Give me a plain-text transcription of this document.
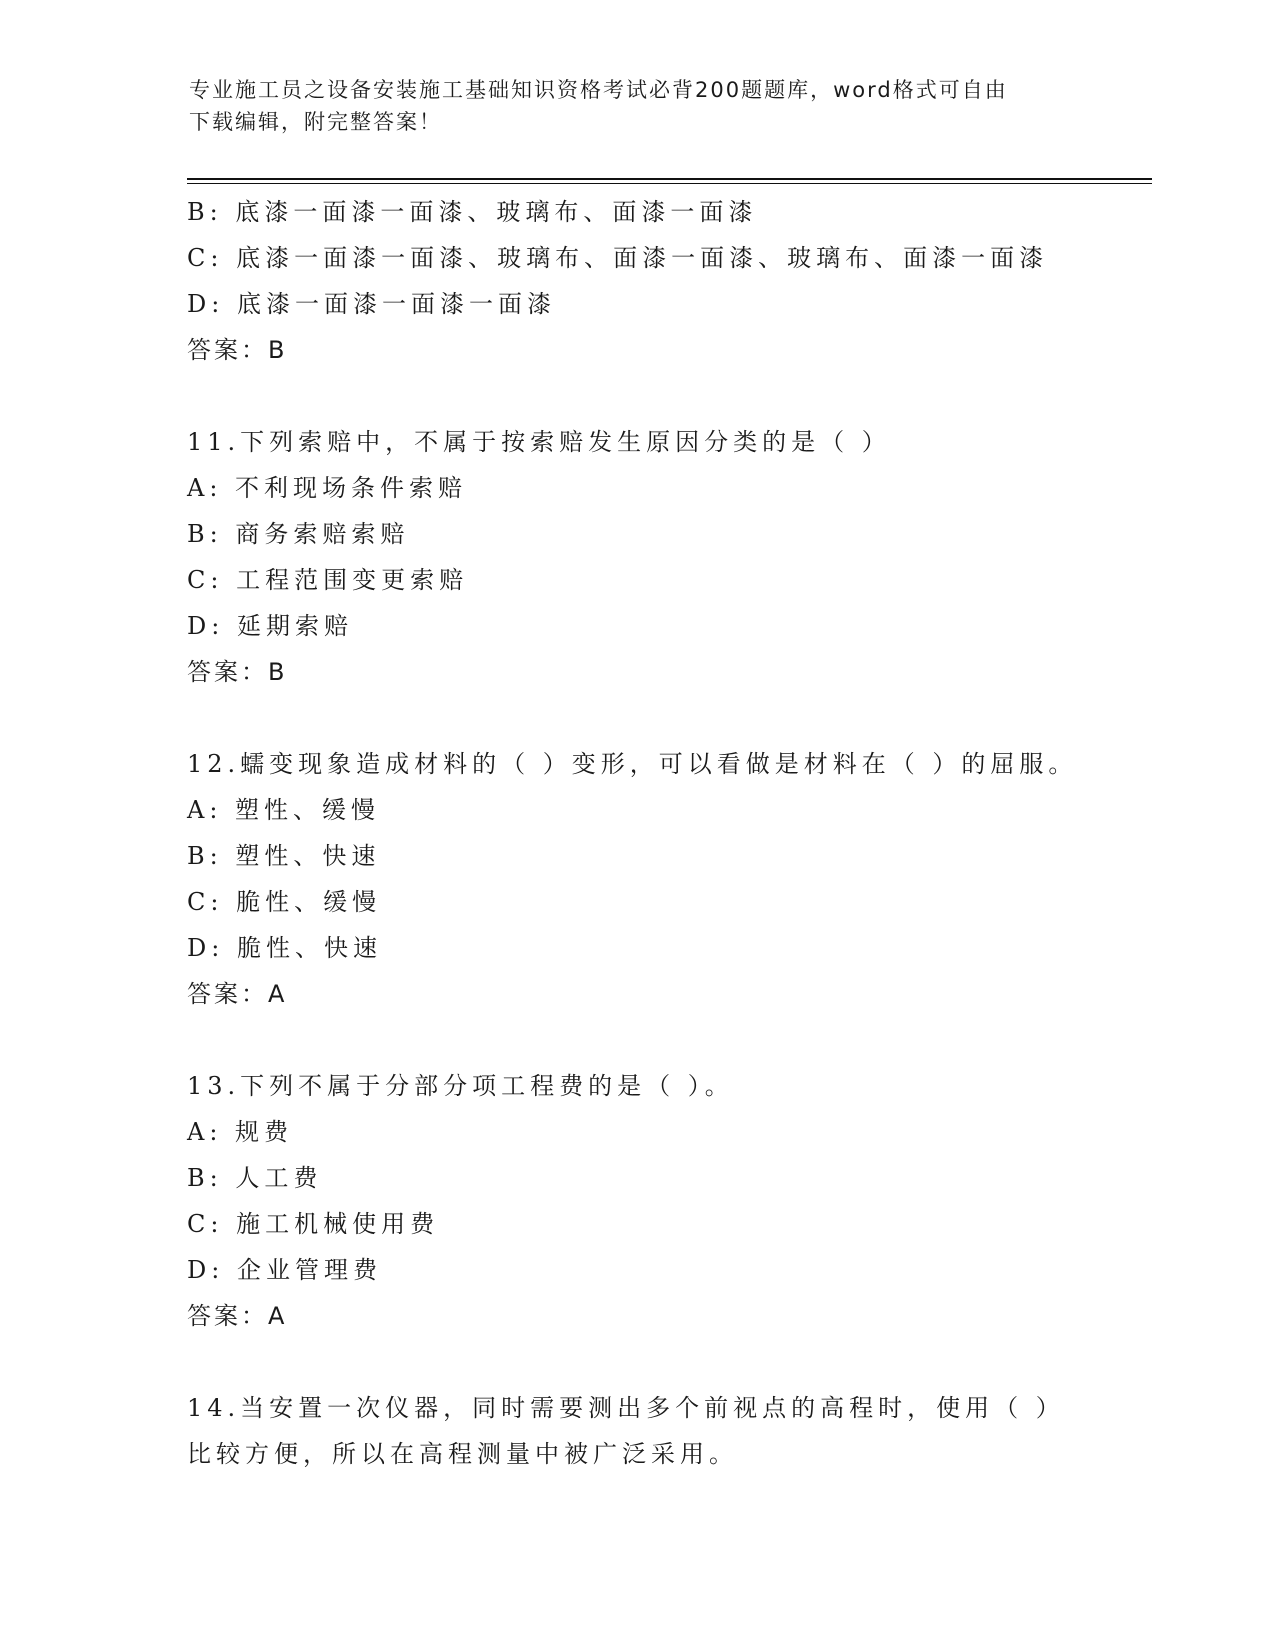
专业施工员之设备安装施工基础知识资格考试必背200题题库，word格式可自由
下载编辑，附完整答案！
B: 底漆一面漆一面漆、玻璃布、面漆一面漆
C: 底漆一面漆一面漆、玻璃布、面漆一面漆、玻璃布、面漆一面漆
D: 底漆一面漆一面漆一面漆
答案：B
11.下列索赔中，不属于按索赔发生原因分类的是（ ）
A: 不利现场条件索赔
B: 商务索赔索赔
C: 工程范围变更索赔
D: 延期索赔
答案：B
12.蠕变现象造成材料的（ ）变形，可以看做是材料在（ ）的屈服。
A: 塑性、缓慢
B: 塑性、快速
C: 脆性、缓慢
D: 脆性、快速
答案：A
13.下列不属于分部分项工程费的是（ ）。
A: 规费
B: 人工费
C: 施工机械使用费
D: 企业管理费
答案：A
14.当安置一次仪器，同时需要测出多个前视点的高程时，使用（ ）
比较方便，所以在高程测量中被广泛采用。
